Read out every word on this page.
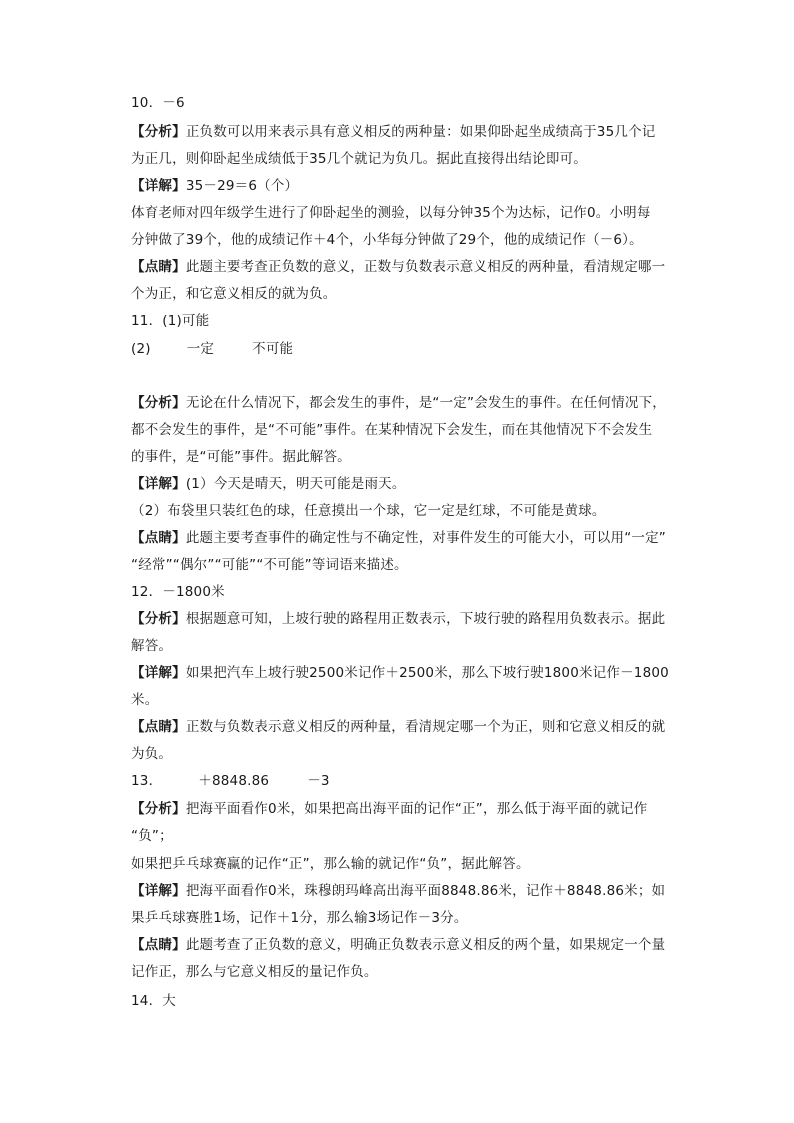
10．－6
【分析】正负数可以用来表示具有意义相反的两种量：如果仰卧起坐成绩高于35几个记
为正几，则仰卧起坐成绩低于35几个就记为负几。据此直接得出结论即可。
【详解】35－29＝6（个）
体育老师对四年级学生进行了仰卧起坐的测验，以每分钟35个为达标，记作0。小明每
分钟做了39个，他的成绩记作＋4个，小华每分钟做了29个，他的成绩记作（－6）。
【点睛】此题主要考查正负数的意义，正数与负数表示意义相反的两种量，看清规定哪一
个为正，和它意义相反的就为负。
11．(1)可能
(2)	一定	不可能
【分析】无论在什么情况下，都会发生的事件，是“一定”会发生的事件。在任何情况下，
都不会发生的事件，是“不可能”事件。在某种情况下会发生，而在其他情况下不会发生
的事件，是“可能”事件。据此解答。
【详解】(1）今天是晴天，明天可能是雨天。
（2）布袋里只装红色的球，任意摸出一个球，它一定是红球，不可能是黄球。
【点睛】此题主要考查事件的确定性与不确定性，对事件发生的可能大小，可以用“一定”
“经常”“偶尔”“可能”“不可能”等词语来描述。
12．－1800米
【分析】根据题意可知，上坡行驶的路程用正数表示，下坡行驶的路程用负数表示。据此
解答。
【详解】如果把汽车上坡行驶2500米记作＋2500米，那么下坡行驶1800米记作－1800
米。
【点睛】正数与负数表示意义相反的两种量，看清规定哪一个为正，则和它意义相反的就
为负。
13．	＋8848.86	－3
【分析】把海平面看作0米，如果把高出海平面的记作“正”，那么低于海平面的就记作
“负”；
如果把乒乓球赛赢的记作“正”，那么输的就记作“负”，据此解答。
【详解】把海平面看作0米，珠穆朗玛峰高出海平面8848.86米，记作＋8848.86米；如
果乒乓球赛胜1场，记作＋1分，那么输3场记作－3分。
【点睛】此题考查了正负数的意义，明确正负数表示意义相反的两个量，如果规定一个量
记作正，那么与它意义相反的量记作负。
14．大
